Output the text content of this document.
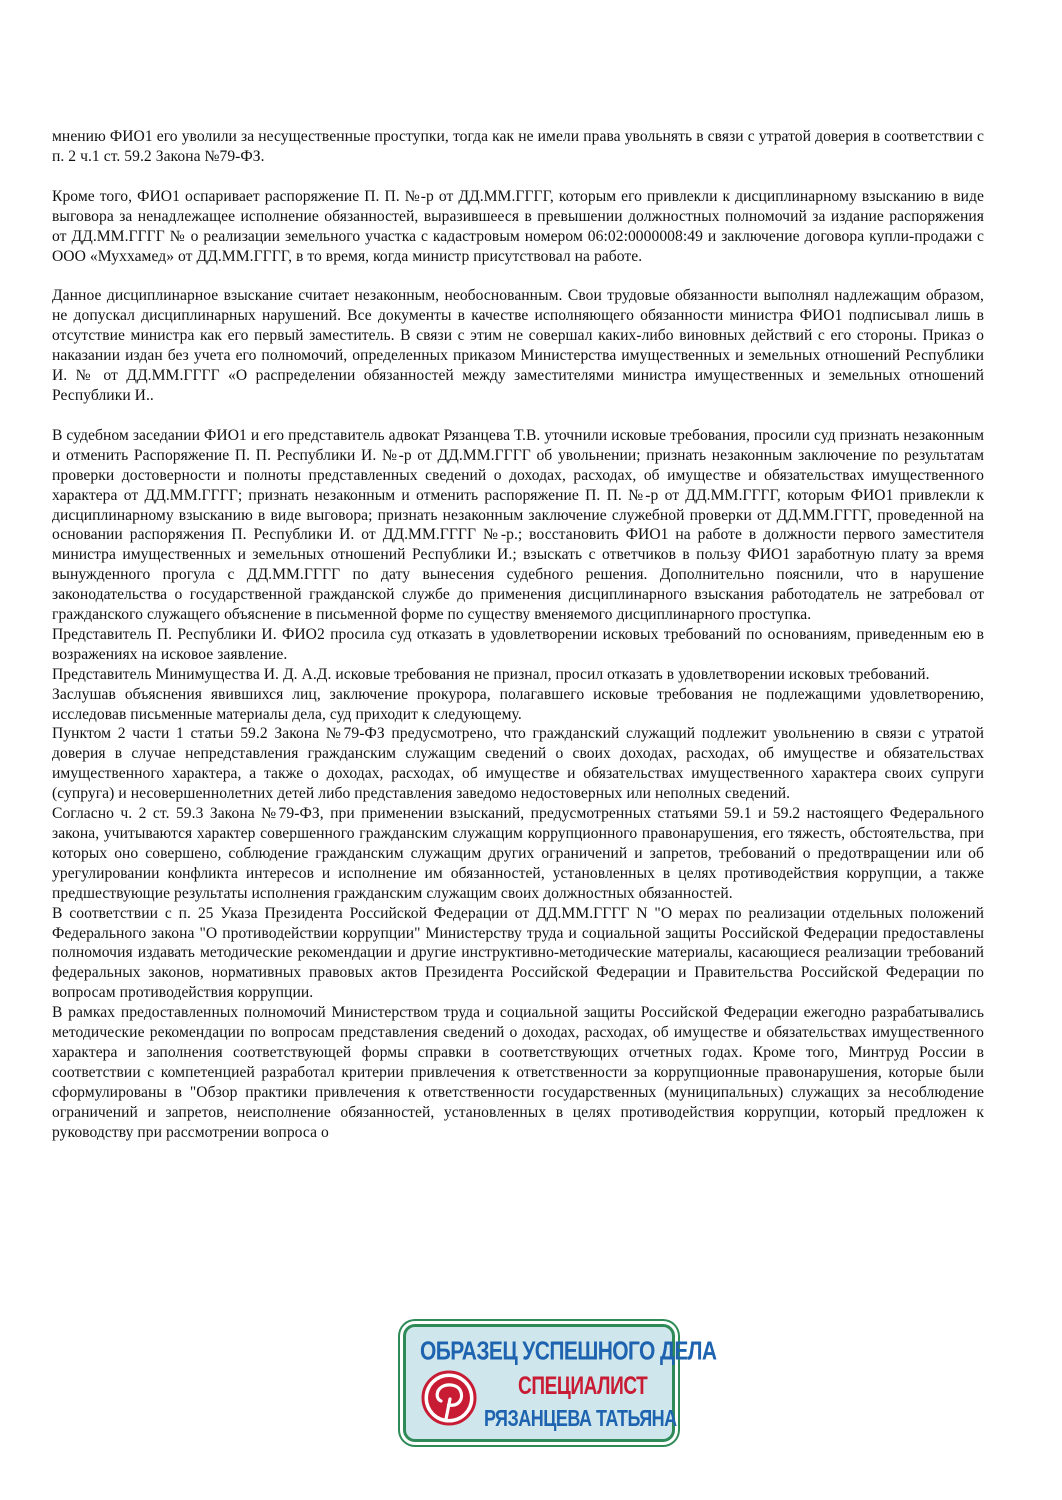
мнению ФИО1 его уволили за несущественные проступки, тогда как не имели права увольнять в связи с утратой доверия в соответствии с п. 2 ч.1 ст. 59.2 Закона №79-ФЗ.

Кроме того, ФИО1 оспаривает распоряжение П. П. №-р от ДД.ММ.ГГГГ, которым его привлекли к дисциплинарному взысканию в виде выговора за ненадлежащее исполнение обязанностей, выразившееся в превышении должностных полномочий за издание распоряжения от ДД.ММ.ГГГГ № о реализации земельного участка с кадастровым номером 06:02:0000008:49 и заключение договора купли-продажи с ООО «Муххамед» от ДД.ММ.ГГГГ, в то время, когда министр присутствовал на работе.

Данное дисциплинарное взыскание считает незаконным, необоснованным. Свои трудовые обязанности выполнял надлежащим образом, не допускал дисциплинарных нарушений. Все документы в качестве исполняющего обязанности министра ФИО1 подписывал лишь в отсутствие министра как его первый заместитель. В связи с этим не совершал каких-либо виновных действий с его стороны. Приказ о наказании издан без учета его полномочий, определенных приказом Министерства имущественных и земельных отношений Республики И. № от ДД.ММ.ГГГГ «О распределении обязанностей между заместителями министра имущественных и земельных отношений Республики И..

В судебном заседании ФИО1 и его представитель адвокат Рязанцева Т.В. уточнили исковые требования, просили суд признать незаконным и отменить Распоряжение П. П. Республики И. №-р от ДД.ММ.ГГГГ об увольнении; признать незаконным заключение по результатам проверки достоверности и полноты представленных сведений о доходах, расходах, об имуществе и обязательствах имущественного характера от ДД.ММ.ГГГГ; признать незаконным и отменить распоряжение П. П. №-р от ДД.ММ.ГГГГ, которым ФИО1 привлекли к дисциплинарному взысканию в виде выговора; признать незаконным заключение служебной проверки от ДД.ММ.ГГГГ, проведенной на основании распоряжения П. Республики И. от ДД.ММ.ГГГГ №-р.; восстановить ФИО1 на работе в должности первого заместителя министра имущественных и земельных отношений Республики И.; взыскать с ответчиков в пользу ФИО1 заработную плату за время вынужденного прогула с ДД.ММ.ГГГГ по дату вынесения судебного решения. Дополнительно пояснили, что в нарушение законодательства о государственной гражданской службе до применения дисциплинарного взыскания работодатель не затребовал от гражданского служащего объяснение в письменной форме по существу вменяемого дисциплинарного проступка.

Представитель П. Республики И. ФИО2 просила суд отказать в удовлетворении исковых требований по основаниям, приведенным ею в возражениях на исковое заявление.

Представитель Минимущества И. Д. А.Д. исковые требования не признал, просил отказать в удовлетворении исковых требований.

Заслушав объяснения явившихся лиц, заключение прокурора, полагавшего исковые требования не подлежащими удовлетворению, исследовав письменные материалы дела, суд приходит к следующему.

Пунктом 2 части 1 статьи 59.2 Закона №79-ФЗ предусмотрено, что гражданский служащий подлежит увольнению в связи с утратой доверия в случае непредставления гражданским служащим сведений о своих доходах, расходах, об имуществе и обязательствах имущественного характера, а также о доходах, расходах, об имуществе и обязательствах имущественного характера своих супруги (супруга) и несовершеннолетних детей либо представления заведомо недостоверных или неполных сведений.

Согласно ч. 2 ст. 59.3 Закона №79-ФЗ, при применении взысканий, предусмотренных статьями 59.1 и 59.2 настоящего Федерального закона, учитываются характер совершенного гражданским служащим коррупционного правонарушения, его тяжесть, обстоятельства, при которых оно совершено, соблюдение гражданским служащим других ограничений и запретов, требований о предотвращении или об урегулировании конфликта интересов и исполнение им обязанностей, установленных в целях противодействия коррупции, а также предшествующие результаты исполнения гражданским служащим своих должностных обязанностей.

В соответствии с п. 25 Указа Президента Российской Федерации от ДД.ММ.ГГГГ N "О мерах по реализации отдельных положений Федерального закона "О противодействии коррупции" Министерству труда и социальной защиты Российской Федерации предоставлены полномочия издавать методические рекомендации и другие инструктивно-методические материалы, касающиеся реализации требований федеральных законов, нормативных правовых актов Президента Российской Федерации и Правительства Российской Федерации по вопросам противодействия коррупции.

В рамках предоставленных полномочий Министерством труда и социальной защиты Российской Федерации ежегодно разрабатывались методические рекомендации по вопросам представления сведений о доходах, расходах, об имуществе и обязательствах имущественного характера и заполнения соответствующей формы справки в соответствующих отчетных годах. Кроме того, Минтруд России в соответствии с компетенцией разработал критерии привлечения к ответственности за коррупционные правонарушения, которые были сформулированы в "Обзор практики привлечения к ответственности государственных (муниципальных) служащих за несоблюдение ограничений и запретов, неисполнение обязанностей, установленных в целях противодействия коррупции, который предложен к руководству при рассмотрении вопроса о

ОБРАЗЕЦ УСПЕШНОГО ДЕЛА
СПЕЦИАЛИСТ
РЯЗАНЦЕВА ТАТЬЯНА
